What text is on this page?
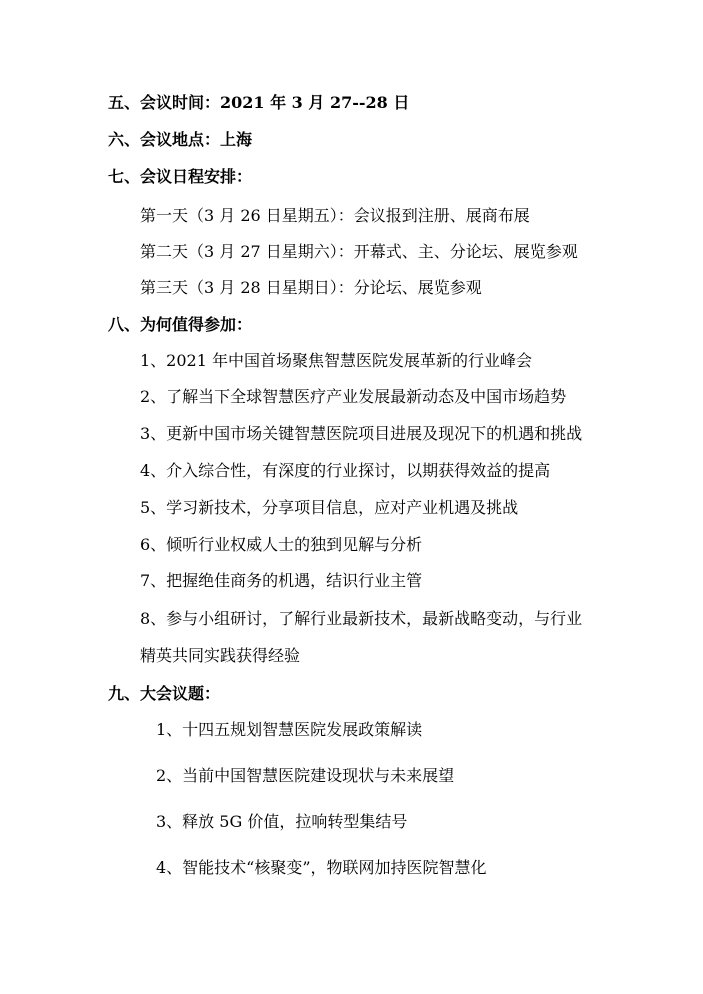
五、会议时间：2021 年 3 月 27--28 日
六、会议地点：上海
七、会议日程安排：
第一天（3 月 26 日星期五）：会议报到注册、展商布展
第二天（3 月 27 日星期六）：开幕式、主、分论坛、展览参观
第三天（3 月 28 日星期日）：分论坛、展览参观
八、为何值得参加：
1、2021 年中国首场聚焦智慧医院发展革新的行业峰会
2、了解当下全球智慧医疗产业发展最新动态及中国市场趋势
3、更新中国市场关键智慧医院项目进展及现况下的机遇和挑战
4、介入综合性，有深度的行业探讨，以期获得效益的提高
5、学习新技术，分享项目信息，应对产业机遇及挑战
6、倾听行业权威人士的独到见解与分析
7、把握绝佳商务的机遇，结识行业主管
8、参与小组研讨，了解行业最新技术，最新战略变动，与行业
精英共同实践获得经验
九、大会议题：
1、十四五规划智慧医院发展政策解读
2、当前中国智慧医院建设现状与未来展望
3、释放 5G 价值，拉响转型集结号
4、智能技术“核聚变”，物联网加持医院智慧化
